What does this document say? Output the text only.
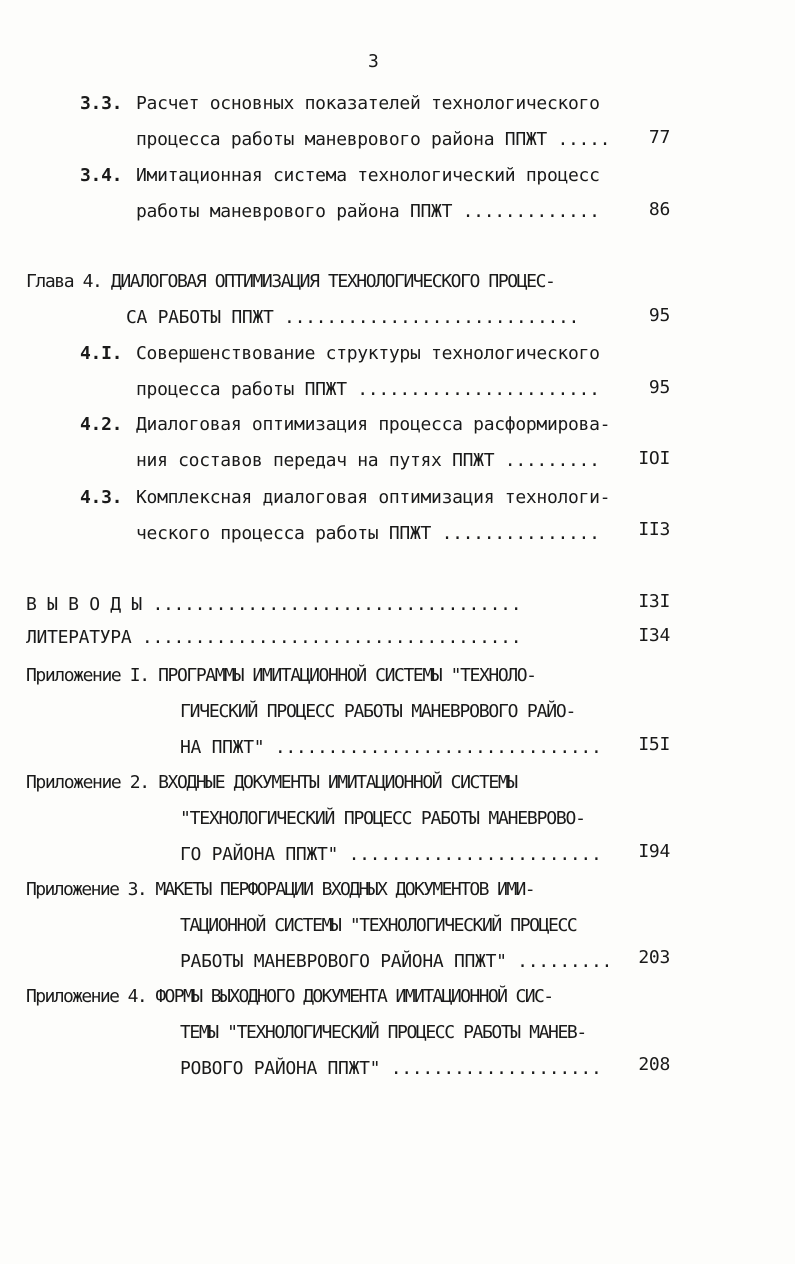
3
3.3. Расчет основных показателей технологического
процесса работы маневрового района ППЖТ .....	77
3.4. Имитационная система технологический процесс
работы маневрового района ППЖТ .............	86
Глава 4. ДИАЛОГОВАЯ ОПТИМИЗАЦИЯ ТЕХНОЛОГИЧЕСКОГО ПРОЦЕС-
СА РАБОТЫ ППЖТ ............................	95
4.I. Совершенствование структуры технологического
процесса работы ППЖТ .......................	95
4.2. Диалоговая оптимизация процесса расформирова-
ния составов передач на путях ППЖТ .........	IOI
4.3. Комплексная диалоговая оптимизация технологи-
ческого процесса работы ППЖТ ...............	II3
В Ы В О Д Ы ...................................	I3I
ЛИТЕРАТУРА ....................................	I34
Приложение I. ПРОГРАММЫ ИМИТАЦИОННОЙ СИСТЕМЫ "ТЕХНОЛО-
ГИЧЕСКИЙ ПРОЦЕСС РАБОТЫ МАНЕВРОВОГО РАЙО-
НА ППЖТ" ...............................	I5I
Приложение 2. ВХОДНЫЕ ДОКУМЕНТЫ ИМИТАЦИОННОЙ СИСТЕМЫ
"ТЕХНОЛОГИЧЕСКИЙ ПРОЦЕСС РАБОТЫ МАНЕВРОВО-
ГО РАЙОНА ППЖТ" ........................	I94
Приложение 3. МАКЕТЫ ПЕРФОРАЦИИ ВХОДНЫХ ДОКУМЕНТОВ ИМИ-
ТАЦИОННОЙ СИСТЕМЫ "ТЕХНОЛОГИЧЕСКИЙ ПРОЦЕСС
РАБОТЫ МАНЕВРОВОГО РАЙОНА ППЖТ" .........	203
Приложение 4. ФОРМЫ ВЫХОДНОГО ДОКУМЕНТА ИМИТАЦИОННОЙ СИС-
ТЕМЫ "ТЕХНОЛОГИЧЕСКИЙ ПРОЦЕСС РАБОТЫ МАНЕВ-
РОВОГО РАЙОНА ППЖТ" ....................	208
